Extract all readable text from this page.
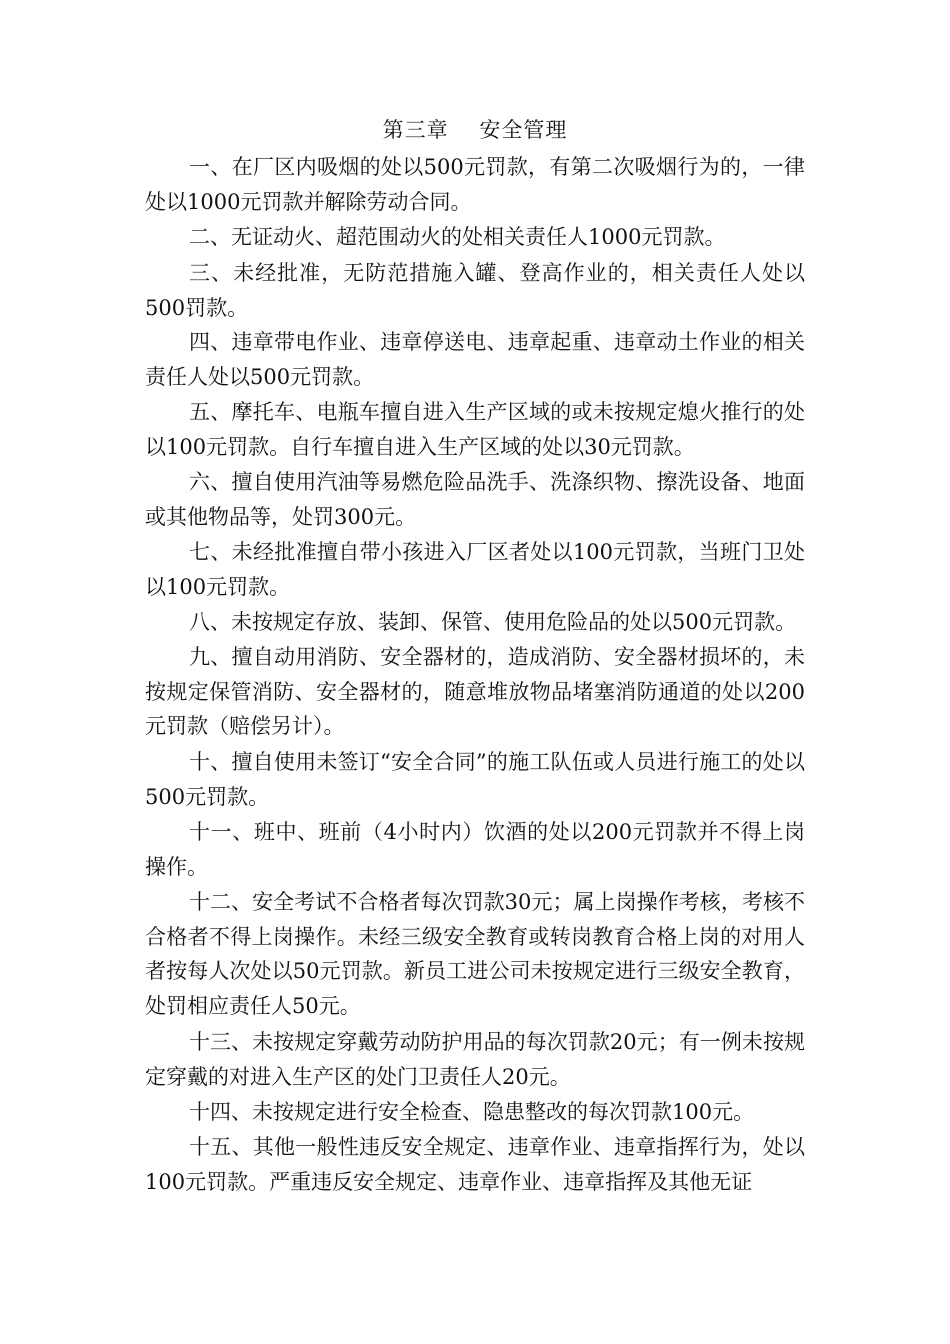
第三章    安全管理

一、在厂区内吸烟的处以500元罚款，有第二次吸烟行为的，一律处以1000元罚款并解除劳动合同。

二、无证动火、超范围动火的处相关责任人1000元罚款。

三、未经批准，无防范措施入罐、登高作业的，相关责任人处以500罚款。

四、违章带电作业、违章停送电、违章起重、违章动土作业的相关责任人处以500元罚款。

五、摩托车、电瓶车擅自进入生产区域的或未按规定熄火推行的处以100元罚款。自行车擅自进入生产区域的处以30元罚款。

六、擅自使用汽油等易燃危险品洗手、洗涤织物、擦洗设备、地面或其他物品等，处罚300元。

七、未经批准擅自带小孩进入厂区者处以100元罚款，当班门卫处以100元罚款。

八、未按规定存放、装卸、保管、使用危险品的处以500元罚款。

九、擅自动用消防、安全器材的，造成消防、安全器材损坏的，未按规定保管消防、安全器材的，随意堆放物品堵塞消防通道的处以200元罚款（赔偿另计）。

十、擅自使用未签订“安全合同”的施工队伍或人员进行施工的处以500元罚款。

十一、班中、班前（4小时内）饮酒的处以200元罚款并不得上岗操作。

十二、安全考试不合格者每次罚款30元；属上岗操作考核，考核不合格者不得上岗操作。未经三级安全教育或转岗教育合格上岗的对用人者按每人次处以50元罚款。新员工进公司未按规定进行三级安全教育，处罚相应责任人50元。

十三、未按规定穿戴劳动防护用品的每次罚款20元；有一例未按规定穿戴的对进入生产区的处门卫责任人20元。

十四、未按规定进行安全检查、隐患整改的每次罚款100元。

十五、其他一般性违反安全规定、违章作业、违章指挥行为，处以100元罚款。严重违反安全规定、违章作业、违章指挥及其他无证
